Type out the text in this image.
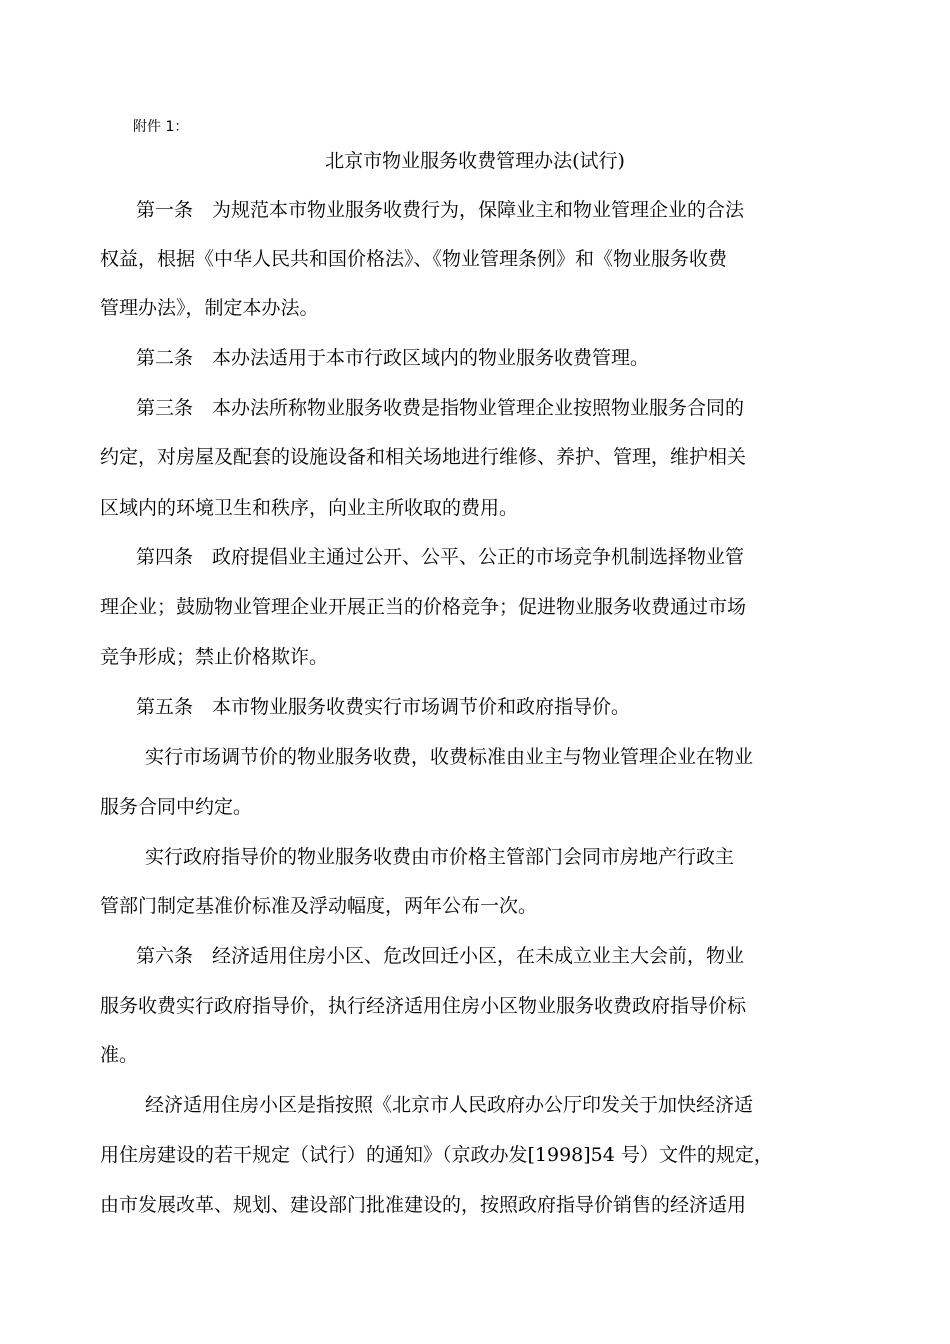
附件 1：
北京市物业服务收费管理办法(试行)
第一条　为规范本市物业服务收费行为，保障业主和物业管理企业的合法
权益，根据《中华人民共和国价格法》、《物业管理条例》和《物业服务收费
管理办法》，制定本办法。
第二条　本办法适用于本市行政区域内的物业服务收费管理。
第三条　本办法所称物业服务收费是指物业管理企业按照物业服务合同的
约定，对房屋及配套的设施设备和相关场地进行维修、养护、管理，维护相关
区域内的环境卫生和秩序，向业主所收取的费用。
第四条　政府提倡业主通过公开、公平、公正的市场竞争机制选择物业管
理企业；鼓励物业管理企业开展正当的价格竞争；促进物业服务收费通过市场
竞争形成；禁止价格欺诈。
第五条　本市物业服务收费实行市场调节价和政府指导价。
实行市场调节价的物业服务收费，收费标准由业主与物业管理企业在物业
服务合同中约定。
实行政府指导价的物业服务收费由市价格主管部门会同市房地产行政主
管部门制定基准价标准及浮动幅度，两年公布一次。
第六条　经济适用住房小区、危改回迁小区，在未成立业主大会前，物业
服务收费实行政府指导价，执行经济适用住房小区物业服务收费政府指导价标
准。
经济适用住房小区是指按照《北京市人民政府办公厅印发关于加快经济适
用住房建设的若干规定（试行）的通知》（京政办发[1998]54 号）文件的规定，
由市发展改革、规划、建设部门批准建设的，按照政府指导价销售的经济适用
